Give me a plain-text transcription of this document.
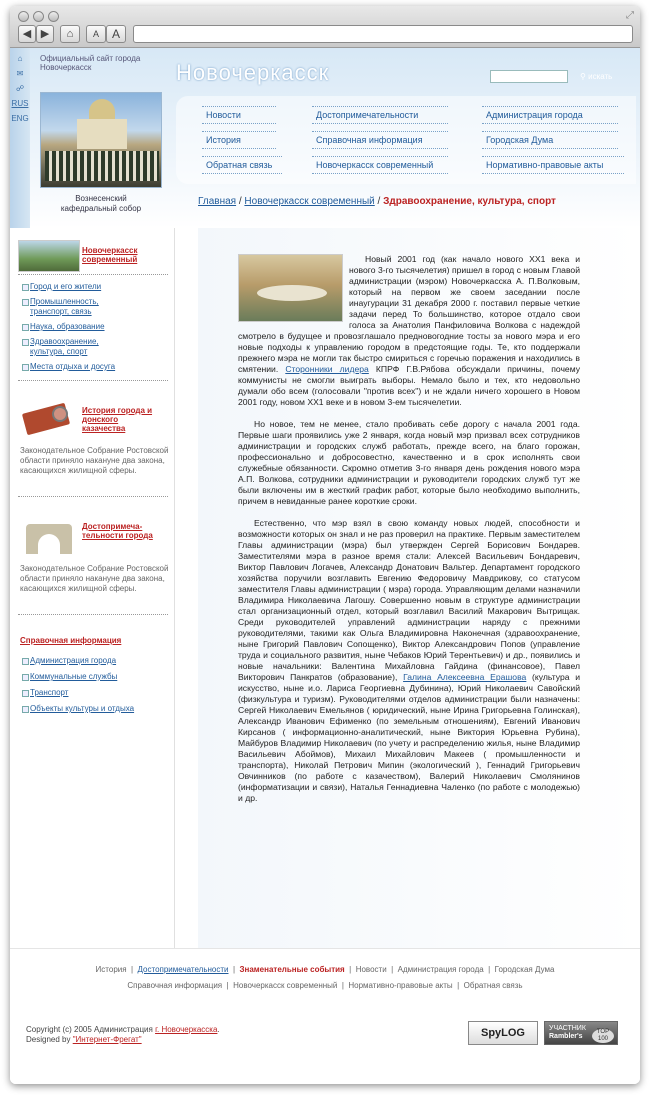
⤢
◀ ▶	⌂	A	A
⌂
✉
☍
RUS
ENG
Официальный сайт города
Новочеркасск
Вознесенский
кафедральный собор
Новочеркасск	⚲ искать
Новости	Достопримечательности	Администрация города
История	Справочная информация	Городская Дума
Обратная связь	Новочеркасск современный	Нормативно-правовые акты
Главная / Новочеркасск современный / Здравоохранение, культура, спорт
Новочеркасск современный
Город и его жители
Промышленность, транспорт, связь
Наука, образование
Здравоохранение, культура, спорт
Места отдыха и досуга
История города и донского казачества
Законодательное Собрание Ростовской области приняло накануне два закона, касающихся жилищной сферы.
Достопримеча-тельности города
Законодательное Собрание Ростовской области приняло накануне два закона, касающихся жилищной сферы.
Справочная информация
Администрация города
Коммунальные службы
Транспорт
Объекты культуры и отдыха

Новый 2001 год (как начало нового XX1 века и нового 3-го тысячелетия) пришел в город с новым Главой администрации (мэром) Новочеркасска А. П.Волковым, который на первом же своем заседании после инаугурации 31 декабря 2000 г. поставил первые четкие задачи перед То большинство, которое отдало свои голоса за Анатолия Панфиловича Волкова с надеждой смотрело в будущее и провозглашало предновогодние тосты за нового мэра и его новые подходы к управлению городом в предстоящие годы. Те, кто поддержали прежнего мэра не могли так быстро смириться с горечью поражения и находились в смятении. Сторонники лидера КПРФ Г.В.Рябова обсуждали причины, почему коммунисты не смогли выиграть выборы. Немало было и тех, кто недовольно думали обо всем (голосовали "против всех") и не ждали ничего хорошего в Новом 2001 году, новом XX1 веке и в новом 3-ем тысячелетии.

Но новое, тем не менее, стало пробивать себе дорогу с начала 2001 года. Первые шаги проявились уже 2 января, когда новый мэр призвал всех сотрудников администрации и городских служб работать, прежде всего, на благо горожан, профессионально и добросовестно, качественно и в срок исполнять свои служебные обязанности. Скромно отметив 3-го января день рождения нового мэра А.П. Волкова, сотрудники администрации и руководители городских служб тут же были включены им в жесткий график работ, которые было необходимо выполнить, причем в невиданные ранее короткие сроки.

Естественно, что мэр взял в свою команду новых людей, способности и возможности которых он знал и не раз проверил на практике. Первым заместителем Главы администрации (мэра) был утвержден Сергей Борисович Бондарев. Заместителями мэра в разное время стали: Алексей Васильевич Бондаревич, Виктор Павлович Логачев, Александр Донатович Вальтер. Департамент городского хозяйства поручили возглавить Евгению Федоровичу Мавдрикову, со статусом заместителя Главы администрации ( мэра) города. Управляющим делами назначили Владимира Николаевича Лагошу. Совершенно новым в структуре администрации стал организационный отдел, который возглавил Василий Макарович Вытрищак. Среди руководителей управлений администрации наряду с прежними руководителями, такими как Ольга Владимировна Наконечная (здравоохранение, ныне Григорий Павлович Сопощенко), Виктор Александрович Попов (управление труда и социального развития, ныне Чебаков Юрий Терентьевич) и др., появились и новые начальники: Валентина Михайловна Гайдина (финансовое), Павел Викторович Панкратов (образование), Галина Алексеевна Ерашова (культура и искусство, ныне и.о. Лариса Георгиевна Дубинина), Юрий Николаевич Савойский (физкультура и туризм). Руководителями отделов администрации были назначены: Сергей Николаевич Емельянов ( юридический, ныне Ирина Григорьевна Голинская), Александр Иванович Ефименко (по земельным отношениям), Евгений Иванович Кирсанов ( информационно-аналитический, ныне Виктория Юрьевна Рубина), Майбуров Владимир Николаевич (по учету и распределению жилья, ныне Владимир Васильевич Абоймов), Михаил Михайлович Макеев ( промышленности и транспорта), Николай Петрович Мипин (экологический ), Геннадий Григорьевич Овчинников (по работе с казачеством), Валерий Николаевич Смолянинов (информатизации и связи), Наталья Геннадиевна Чаленко (по работе с молодежью) и др.

История  |  Достопримечательности  |  Знаменательные события  |  Новости  |  Администрация города  |  Городская Дума
Справочная информация  |  Новочеркасск современный  |  Нормативно-правовые акты  |  Обратная связь
Copyright (c) 2005 Администрация г. Новочеркасска.
Designed by "Интернет-Фрегат"
SpyLOG	УЧАСТНИК
Rambler's
TOP 100
